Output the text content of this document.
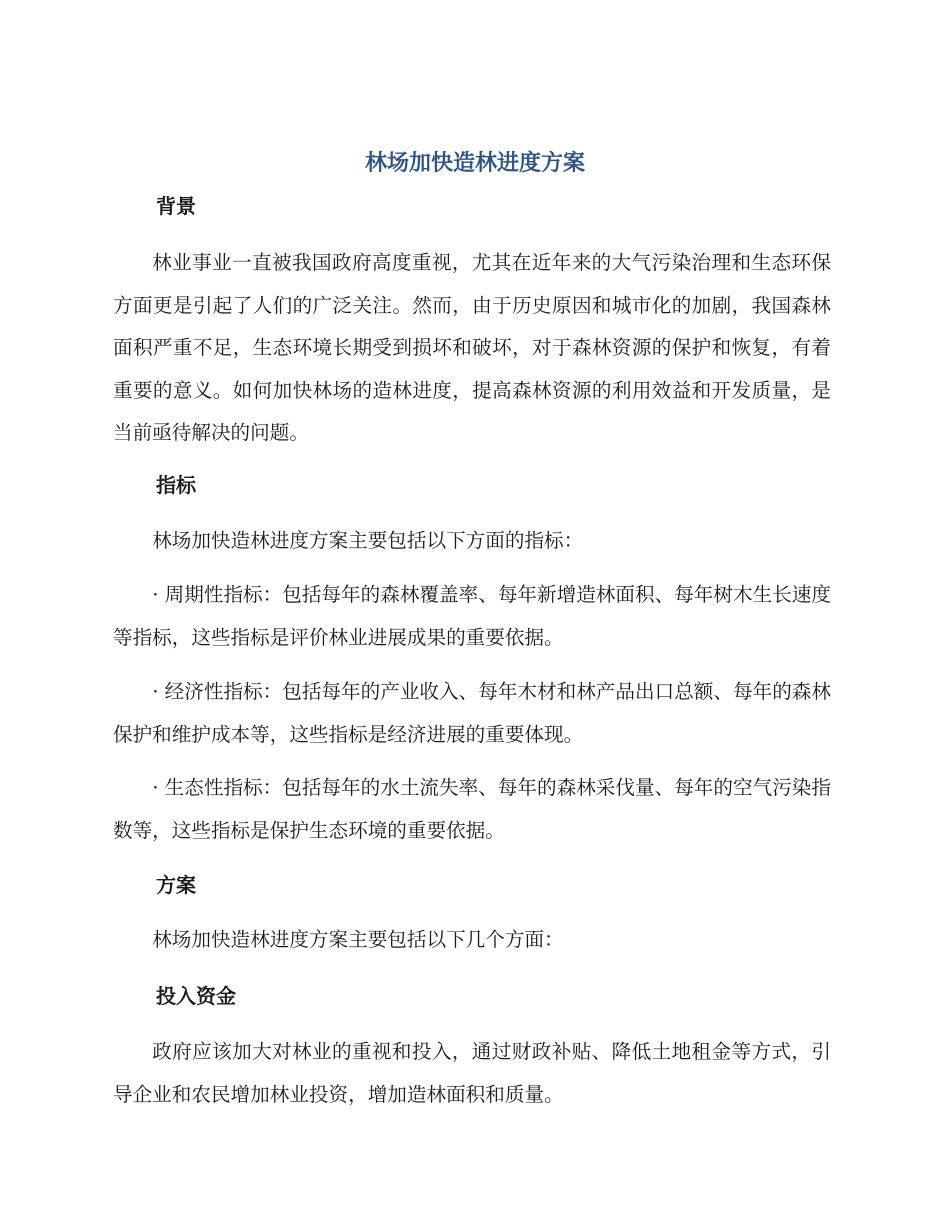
林场加快造林进度方案
背景
林业事业一直被我国政府高度重视，尤其在近年来的大气污染治理和生态环保方面更是引起了人们的广泛关注。然而，由于历史原因和城市化的加剧，我国森林面积严重不足，生态环境长期受到损坏和破坏，对于森林资源的保护和恢复，有着重要的意义。如何加快林场的造林进度，提高森林资源的利用效益和开发质量，是当前亟待解决的问题。
指标
林场加快造林进度方案主要包括以下方面的指标：
· 周期性指标：包括每年的森林覆盖率、每年新增造林面积、每年树木生长速度等指标，这些指标是评价林业进展成果的重要依据。
· 经济性指标：包括每年的产业收入、每年木材和林产品出口总额、每年的森林保护和维护成本等，这些指标是经济进展的重要体现。
· 生态性指标：包括每年的水土流失率、每年的森林采伐量、每年的空气污染指数等，这些指标是保护生态环境的重要依据。
方案
林场加快造林进度方案主要包括以下几个方面：
投入资金
政府应该加大对林业的重视和投入，通过财政补贴、降低土地租金等方式，引导企业和农民增加林业投资，增加造林面积和质量。
